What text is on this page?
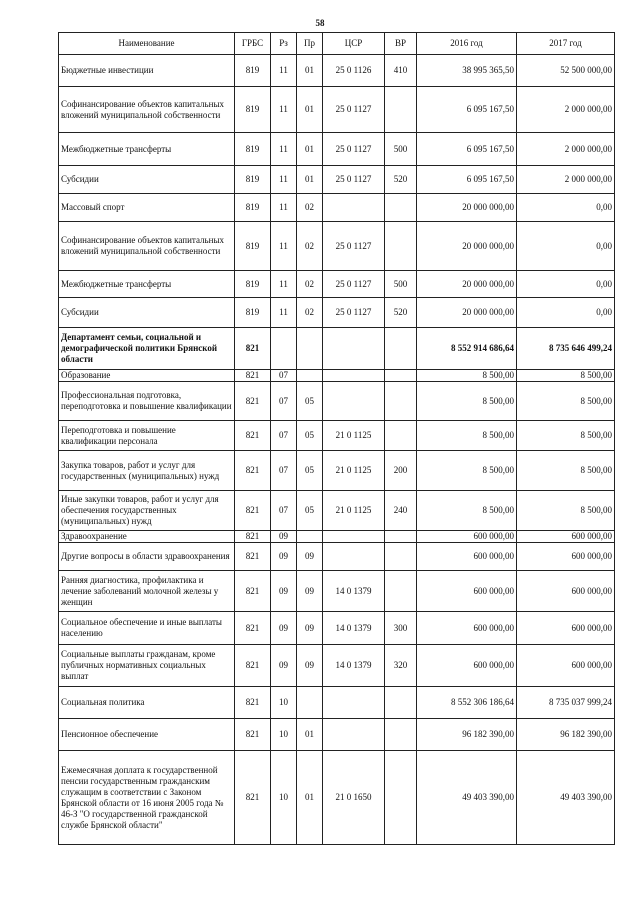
58
Наименование	ГРБС	Рз	Пр	ЦСР	ВР	2016 год	2017 год
Бюджетные инвестиции	819	11	01	25 0 1126	410	38 995 365,50	52 500 000,00
Софинансирование объектов капитальных вложений муниципальной собственности	819	11	01	25 0 1127		6 095 167,50	2 000 000,00
Межбюджетные трансферты	819	11	01	25 0 1127	500	6 095 167,50	2 000 000,00
Субсидии	819	11	01	25 0 1127	520	6 095 167,50	2 000 000,00
Массовый спорт	819	11	02			20 000 000,00	0,00
Софинансирование объектов капитальных вложений муниципальной собственности	819	11	02	25 0 1127		20 000 000,00	0,00
Межбюджетные трансферты	819	11	02	25 0 1127	500	20 000 000,00	0,00
Субсидии	819	11	02	25 0 1127	520	20 000 000,00	0,00
Департамент семьи, социальной и демографической политики Брянской области	821					8 552 914 686,64	8 735 646 499,24
Образование	821	07				8 500,00	8 500,00
Профессиональная подготовка, переподготовка и повышение квалификации	821	07	05			8 500,00	8 500,00
Переподготовка и повышение квалификации персонала	821	07	05	21 0 1125		8 500,00	8 500,00
Закупка товаров, работ и услуг для государственных (муниципальных) нужд	821	07	05	21 0 1125	200	8 500,00	8 500,00
Иные закупки товаров, работ и услуг для обеспечения государственных (муниципальных) нужд	821	07	05	21 0 1125	240	8 500,00	8 500,00
Здравоохранение	821	09				600 000,00	600 000,00
Другие вопросы в области здравоохранения	821	09	09			600 000,00	600 000,00
Ранняя диагностика, профилактика и лечение заболеваний молочной железы у женщин	821	09	09	14 0 1379		600 000,00	600 000,00
Социальное обеспечение и иные выплаты населению	821	09	09	14 0 1379	300	600 000,00	600 000,00
Социальные выплаты гражданам, кроме публичных нормативных социальных выплат	821	09	09	14 0 1379	320	600 000,00	600 000,00
Социальная политика	821	10				8 552 306 186,64	8 735 037 999,24
Пенсионное обеспечение	821	10	01			96 182 390,00	96 182 390,00
Ежемесячная доплата к государственной пенсии государственным гражданским служащим в соответствии с Законом Брянской области от 16 июня 2005 года № 46-З "О государственной гражданской службе Брянской области"	821	10	01	21 0 1650		49 403 390,00	49 403 390,00
